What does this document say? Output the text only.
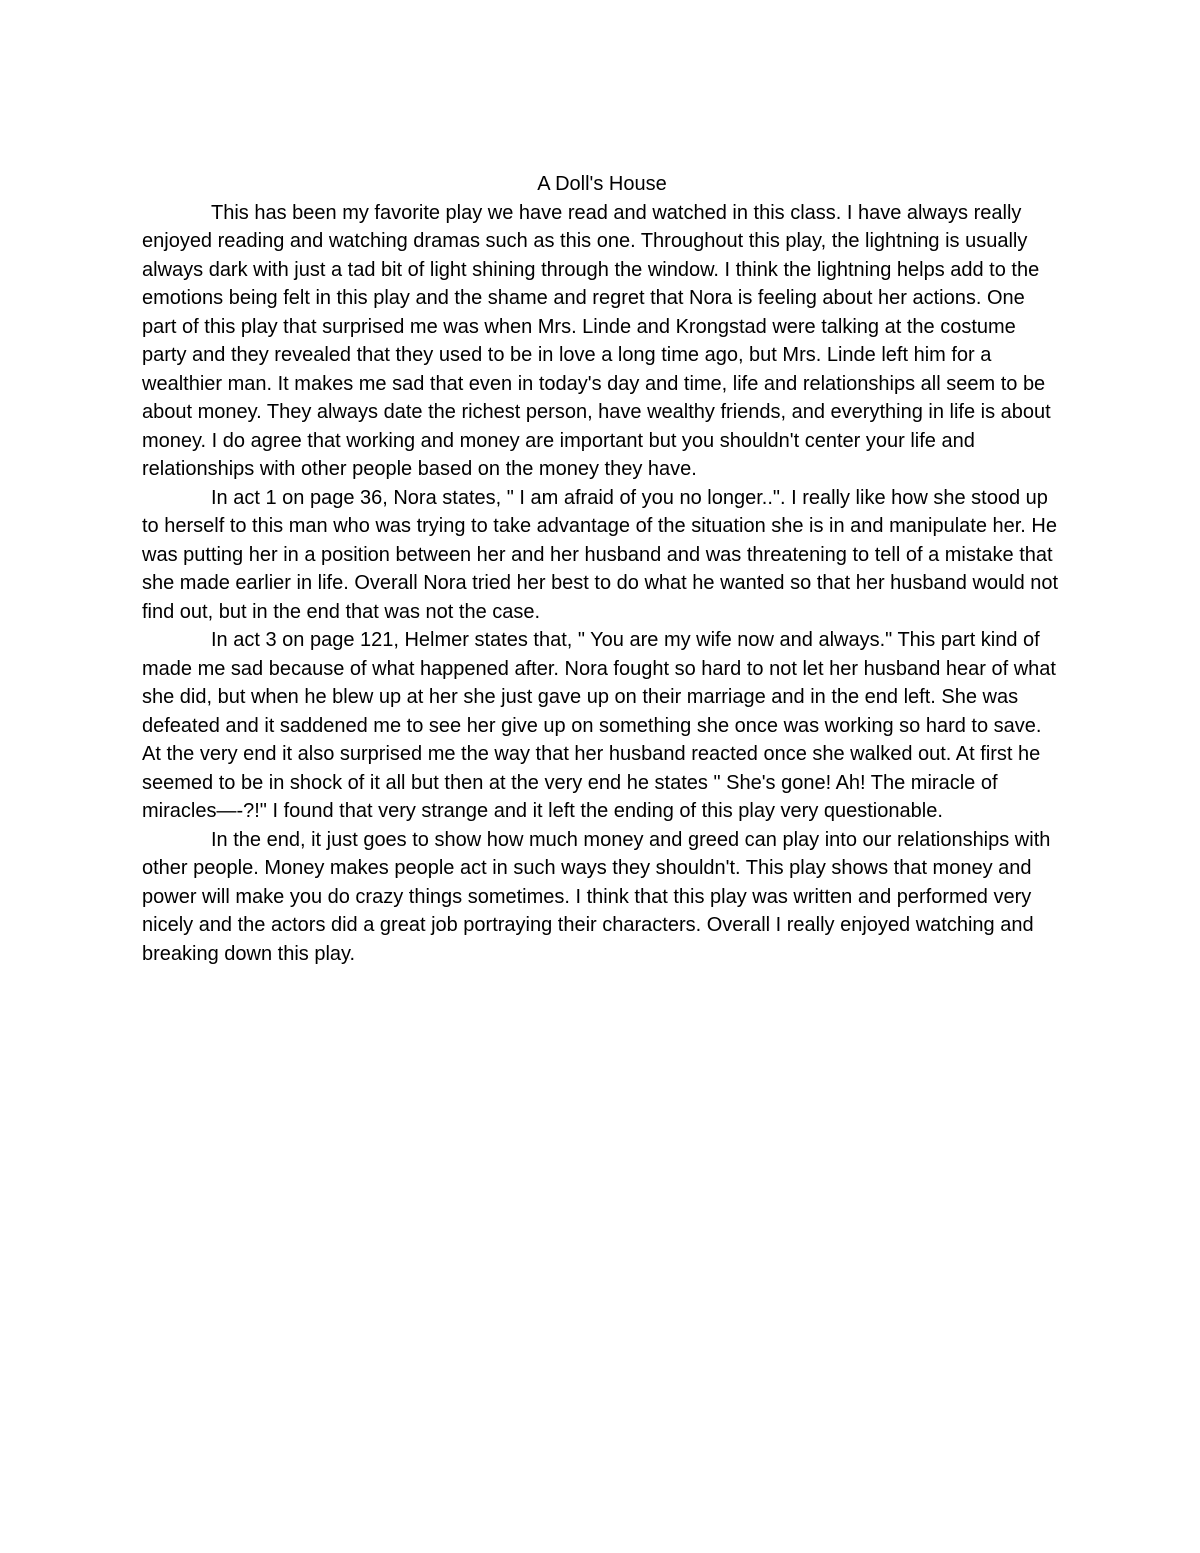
A Doll's House

This has been my favorite play we have read and watched in this class. I have always really enjoyed reading and watching dramas such as this one. Throughout this play, the lightning is usually always dark with just a tad bit of light shining through the window. I think the lightning helps add to the emotions being felt in this play and the shame and regret that Nora is feeling about her actions. One part of this play that surprised me was when Mrs. Linde and Krongstad were talking at the costume party and they revealed that they used to be in love a long time ago, but Mrs. Linde left him for a wealthier man. It makes me sad that even in today's day and time, life and relationships all seem to be about money. They always date the richest person, have wealthy friends, and everything in life is about money. I do agree that working and money are important but you shouldn't center your life and relationships with other people based on the money they have.

In act 1 on page 36, Nora states, " I am afraid of you no longer..". I really like how she stood up to herself to this man who was trying to take advantage of the situation she is in and manipulate her. He was putting her in a position between her and her husband and was threatening to tell of a mistake that she made earlier in life. Overall Nora tried her best to do what he wanted so that her husband would not find out, but in the end that was not the case.

In act 3 on page 121, Helmer states that, " You are my wife now and always." This part kind of made me sad because of what happened after. Nora fought so hard to not let her husband hear of what she did, but when he blew up at her she just gave up on their marriage and in the end left. She was defeated and it saddened me to see her give up on something she once was working so hard to save. At the very end it also surprised me the way that her husband reacted once she walked out. At first he seemed to be in shock of it all but then at the very end he states " She's gone! Ah! The miracle of miracles—-?!" I found that very strange and it left the ending of this play very questionable.

In the end, it just goes to show how much money and greed can play into our relationships with other people. Money makes people act in such ways they shouldn't. This play shows that money and power will make you do crazy things sometimes. I think that this play was written and performed very nicely and the actors did a great job portraying their characters. Overall I really enjoyed watching and breaking down this play.
